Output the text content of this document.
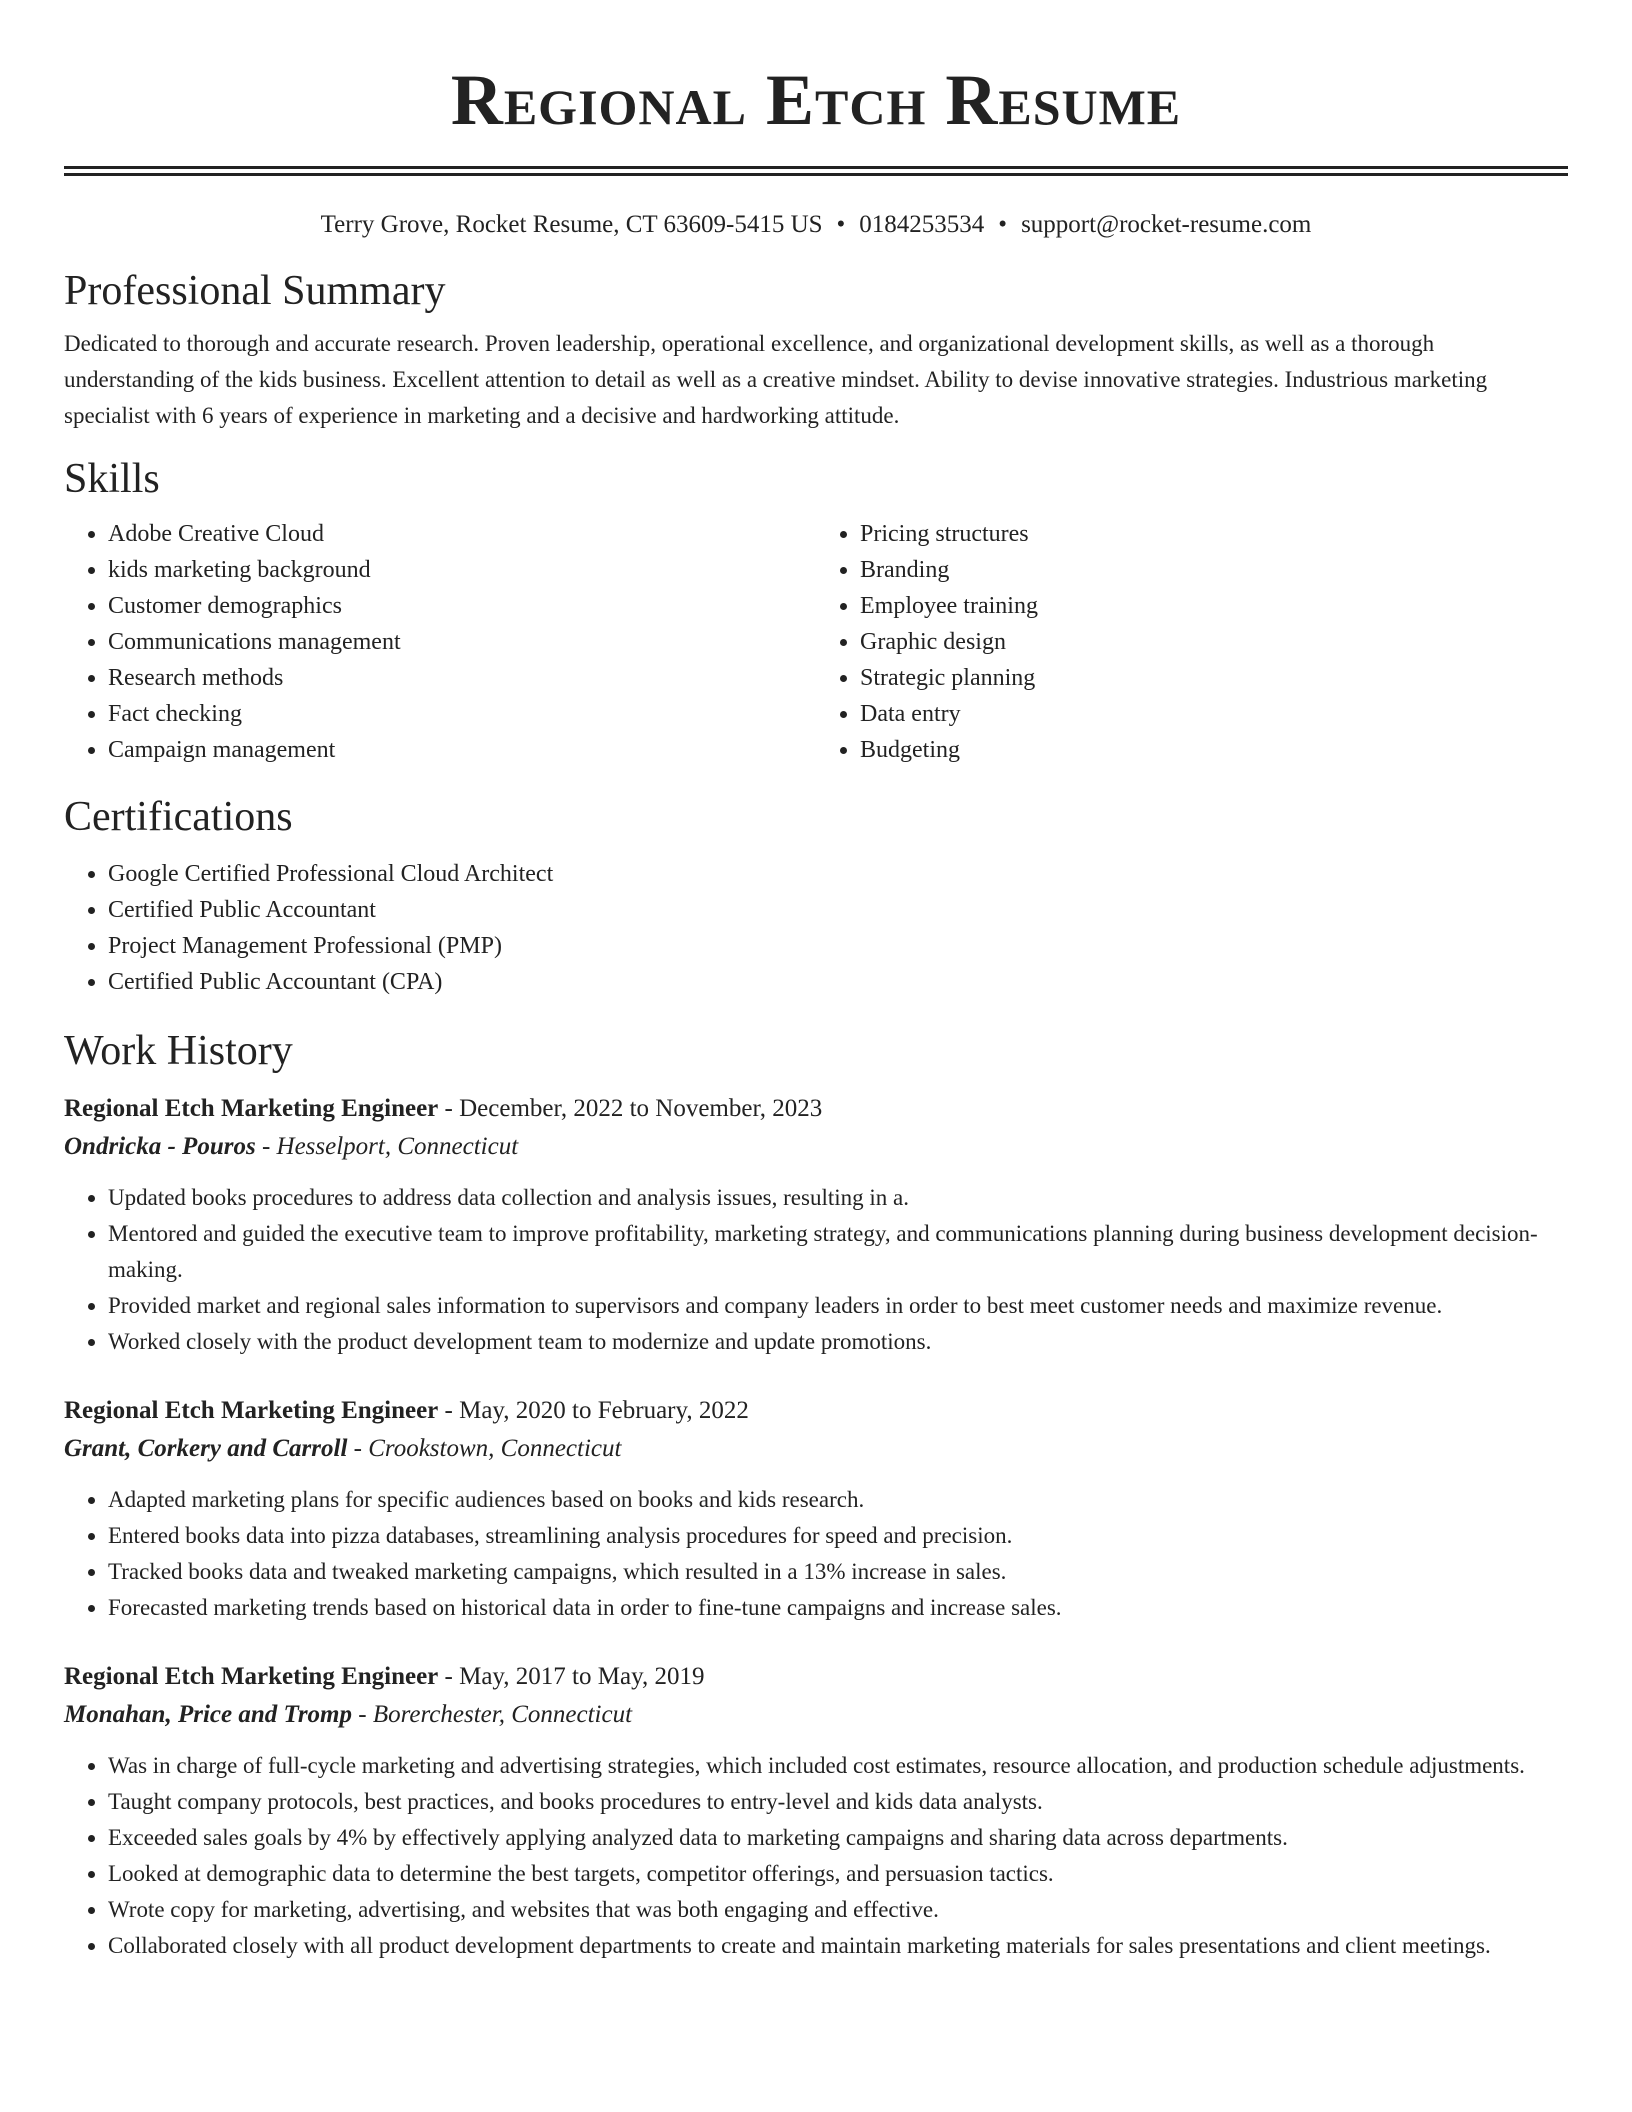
Regional Etch Resume
Terry Grove, Rocket Resume, CT 63609-5415 US • 0184253534 • support@rocket-resume.com
Professional Summary

Dedicated to thorough and accurate research. Proven leadership, operational excellence, and organizational development skills, as well as a thorough understanding of the kids business. Excellent attention to detail as well as a creative mindset. Ability to devise innovative strategies. Industrious marketing specialist with 6 years of experience in marketing and a decisive and hardworking attitude.

Skills
• Adobe Creative Cloud
• kids marketing background
• Customer demographics
• Communications management
• Research methods
• Fact checking
• Campaign management
• Pricing structures
• Branding
• Employee training
• Graphic design
• Strategic planning
• Data entry
• Budgeting
Certifications
• Google Certified Professional Cloud Architect
• Certified Public Accountant
• Project Management Professional (PMP)
• Certified Public Accountant (CPA)
Work History

Regional Etch Marketing Engineer - December, 2022 to November, 2023

Ondricka - Pouros - Hesselport, Connecticut

• Updated books procedures to address data collection and analysis issues, resulting in a.
• Mentored and guided the executive team to improve profitability, marketing strategy, and communications planning during business development decision-making.
• Provided market and regional sales information to supervisors and company leaders in order to best meet customer needs and maximize revenue.
• Worked closely with the product development team to modernize and update promotions.

Regional Etch Marketing Engineer - May, 2020 to February, 2022

Grant, Corkery and Carroll - Crookstown, Connecticut

• Adapted marketing plans for specific audiences based on books and kids research.
• Entered books data into pizza databases, streamlining analysis procedures for speed and precision.
• Tracked books data and tweaked marketing campaigns, which resulted in a 13% increase in sales.
• Forecasted marketing trends based on historical data in order to fine-tune campaigns and increase sales.

Regional Etch Marketing Engineer - May, 2017 to May, 2019

Monahan, Price and Tromp - Borerchester, Connecticut

• Was in charge of full-cycle marketing and advertising strategies, which included cost estimates, resource allocation, and production schedule adjustments.
• Taught company protocols, best practices, and books procedures to entry-level and kids data analysts.
• Exceeded sales goals by 4% by effectively applying analyzed data to marketing campaigns and sharing data across departments.
• Looked at demographic data to determine the best targets, competitor offerings, and persuasion tactics.
• Wrote copy for marketing, advertising, and websites that was both engaging and effective.
• Collaborated closely with all product development departments to create and maintain marketing materials for sales presentations and client meetings.
